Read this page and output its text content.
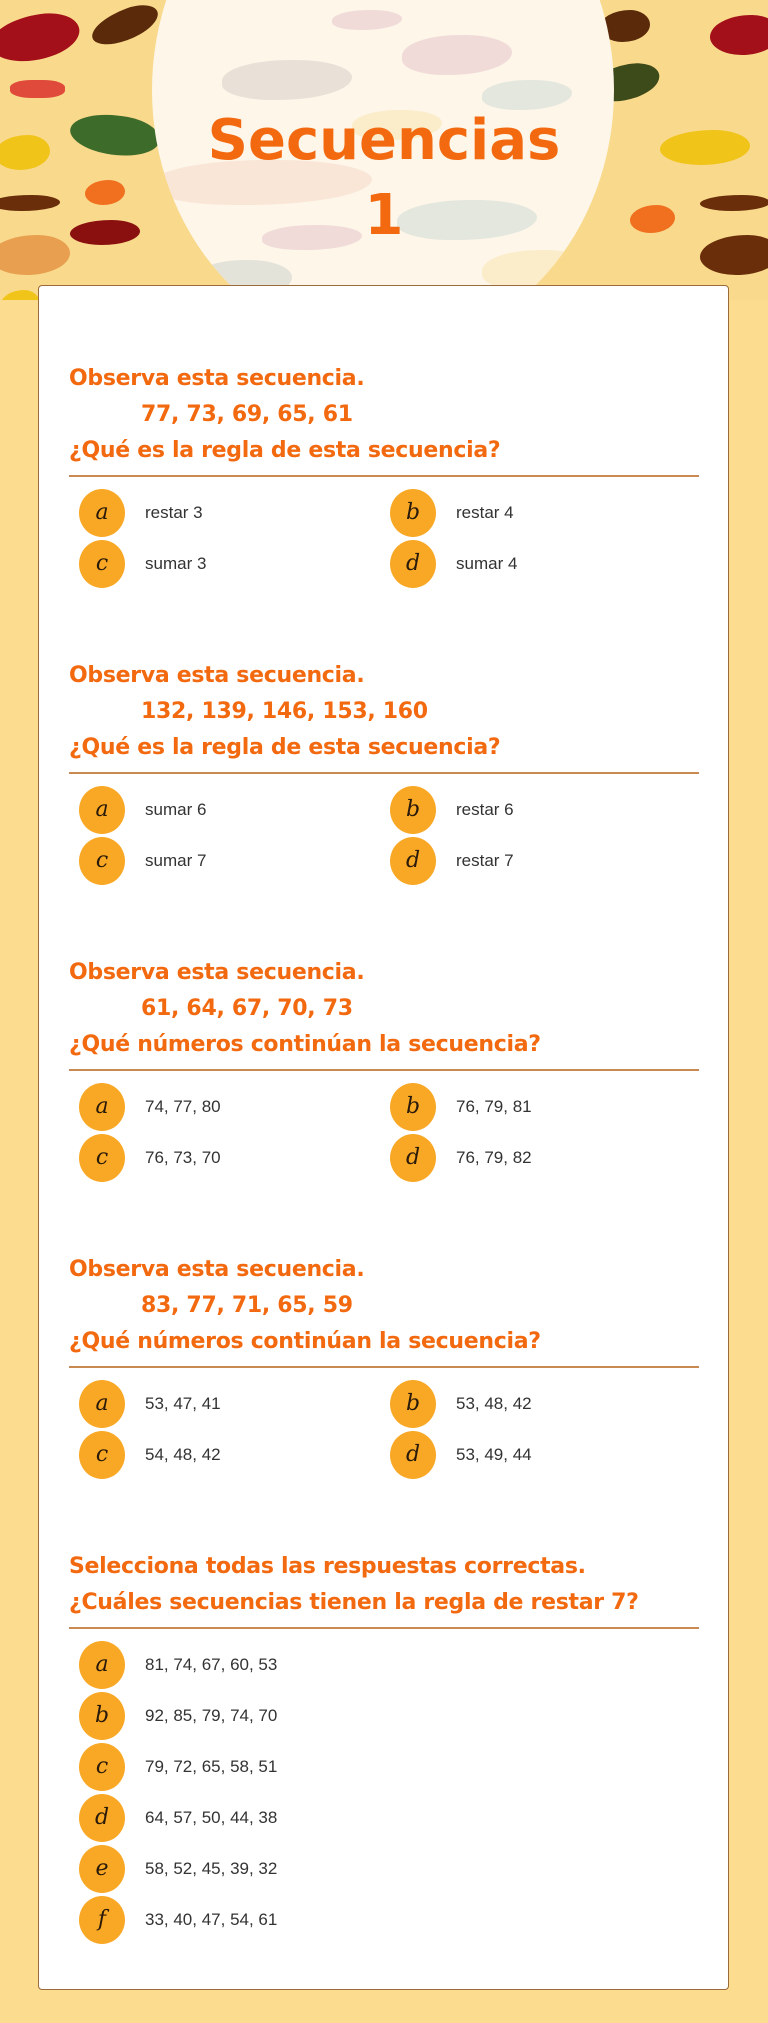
Secuencias
1
Observa esta secuencia.
77, 73, 69, 65, 61
¿Qué es la regla de esta secuencia?
a	restar 3	b	restar 4
c	sumar 3	d	sumar 4
Observa esta secuencia.
132, 139, 146, 153, 160
¿Qué es la regla de esta secuencia?
a	sumar 6	b	restar 6
c	sumar 7	d	restar 7
Observa esta secuencia.
61, 64, 67, 70, 73
¿Qué números continúan la secuencia?
a	74, 77, 80	b	76, 79, 81
c	76, 73, 70	d	76, 79, 82
Observa esta secuencia.
83, 77, 71, 65, 59
¿Qué números continúan la secuencia?
a	53, 47, 41	b	53, 48, 42
c	54, 48, 42	d	53, 49, 44
Selecciona todas las respuestas correctas.
¿Cuáles secuencias tienen la regla de restar 7?
a	81, 74, 67, 60, 53
b	92, 85, 79, 74, 70
c	79, 72, 65, 58, 51
d	64, 57, 50, 44, 38
e	58, 52, 45, 39, 32
f	33, 40, 47, 54, 61
